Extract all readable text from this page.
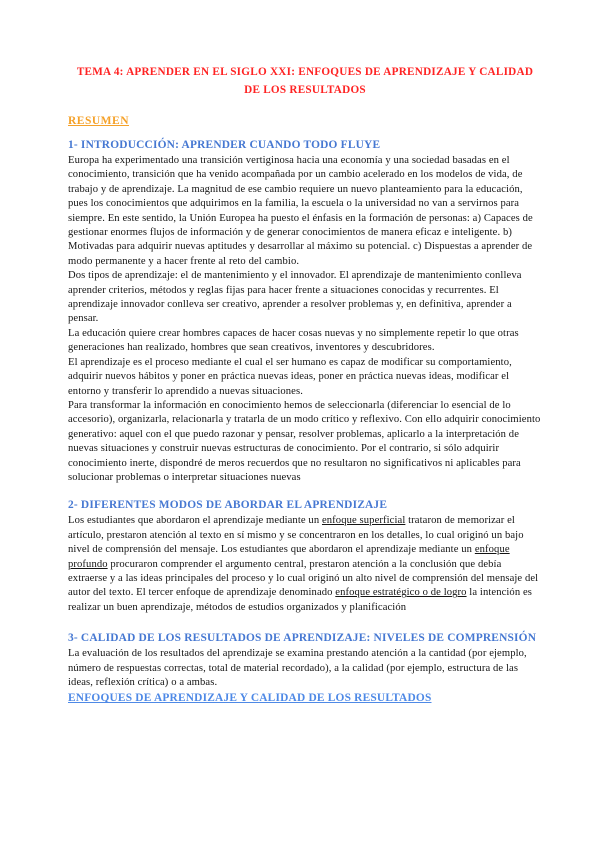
TEMA 4: APRENDER EN EL SIGLO XXI: ENFOQUES DE APRENDIZAJE Y CALIDAD DE LOS RESULTADOS
RESUMEN
1- INTRODUCCIÓN: APRENDER CUANDO TODO FLUYE

Europa ha experimentado una transición vertiginosa hacia una economía y una sociedad basadas en el conocimiento, transición que ha venido acompañada por un cambio acelerado en los modelos de vida, de trabajo y de aprendizaje. La magnitud de ese cambio requiere un nuevo planteamiento para la educación, pues los conocimientos que adquirimos en la familia, la escuela o la universidad no van a servirnos para siempre. En este sentido, la Unión Europea ha puesto el énfasis en la formación de personas: a) Capaces de gestionar enormes flujos de información y de generar conocimientos de manera eficaz e inteligente. b) Motivadas para adquirir nuevas aptitudes y desarrollar al máximo su potencial. c) Dispuestas a aprender de modo permanente y a hacer frente al reto del cambio.

Dos tipos de aprendizaje: el de mantenimiento y el innovador. El aprendizaje de mantenimiento conlleva aprender criterios, métodos y reglas fijas para hacer frente a situaciones conocidas y recurrentes. El aprendizaje innovador conlleva ser creativo, aprender a resolver problemas y, en definitiva, aprender a pensar.

La educación quiere crear hombres capaces de hacer cosas nuevas y no simplemente repetir lo que otras generaciones han realizado, hombres que sean creativos, inventores y descubridores.

El aprendizaje es el proceso mediante el cual el ser humano es capaz de modificar su comportamiento, adquirir nuevos hábitos y poner en práctica nuevas ideas, poner en práctica nuevas ideas, modificar el entorno y transferir lo aprendido a nuevas situaciones.

Para transformar la información en conocimiento hemos de seleccionarla (diferenciar lo esencial de lo accesorio), organizarla, relacionarla y tratarla de un modo crítico y reflexivo. Con ello adquirir conocimiento generativo: aquel con el que puedo razonar y pensar, resolver problemas, aplicarlo a la interpretación de nuevas situaciones y construir nuevas estructuras de conocimiento. Por el contrario, si sólo adquirir conocimiento inerte, dispondré de meros recuerdos que no resultaron no significativos ni aplicables para solucionar problemas o interpretar situaciones nuevas

2- DIFERENTES MODOS DE ABORDAR EL APRENDIZAJE

Los estudiantes que abordaron el aprendizaje mediante un enfoque superficial trataron de memorizar el artículo, prestaron atención al texto en sí mismo y se concentraron en los detalles, lo cual originó un bajo nivel de comprensión del mensaje. Los estudiantes que abordaron el aprendizaje mediante un enfoque profundo procuraron comprender el argumento central, prestaron atención a la conclusión que debía extraerse y a las ideas principales del proceso y lo cual originó un alto nivel de comprensión del mensaje del autor del texto. El tercer enfoque de aprendizaje denominado enfoque estratégico o de logro la intención es realizar un buen aprendizaje, métodos de estudios organizados y planificación

3- CALIDAD DE LOS RESULTADOS DE APRENDIZAJE: NIVELES DE COMPRENSIÓN

La evaluación de los resultados del aprendizaje se examina prestando atención a la cantidad (por ejemplo, número de respuestas correctas, total de material recordado), a la calidad (por ejemplo, estructura de las ideas, reflexión crítica) o a ambas.

ENFOQUES DE APRENDIZAJE Y CALIDAD DE LOS RESULTADOS
